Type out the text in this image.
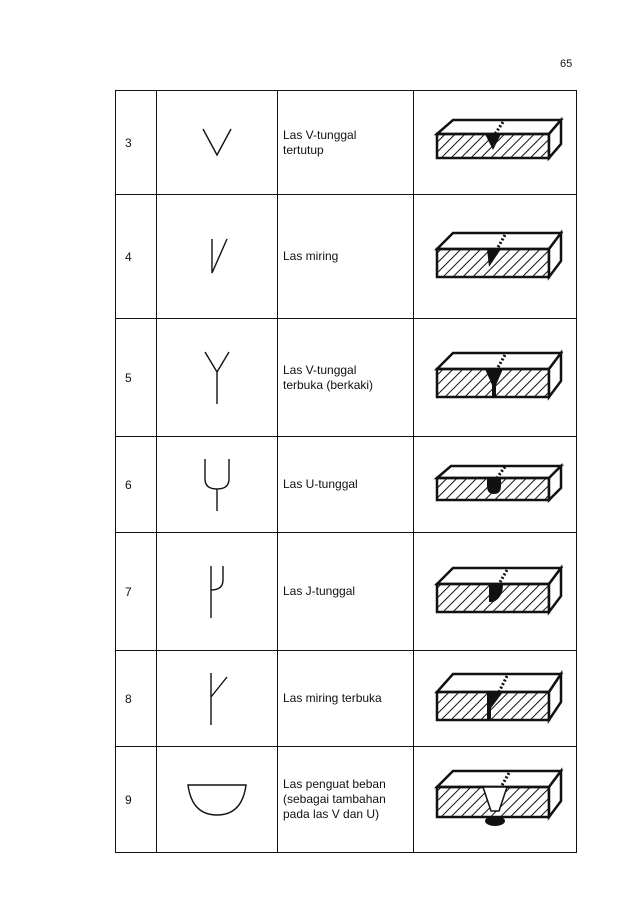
65
3		Las V-tunggal
tertutup	

4		Las miring	

5		Las V-tunggal
terbuka (berkaki)	

6		Las U-tunggal	

7		Las J-tunggal	

8		Las miring terbuka	

9		Las penguat beban
(sebagai tambahan
pada las V dan U)	
